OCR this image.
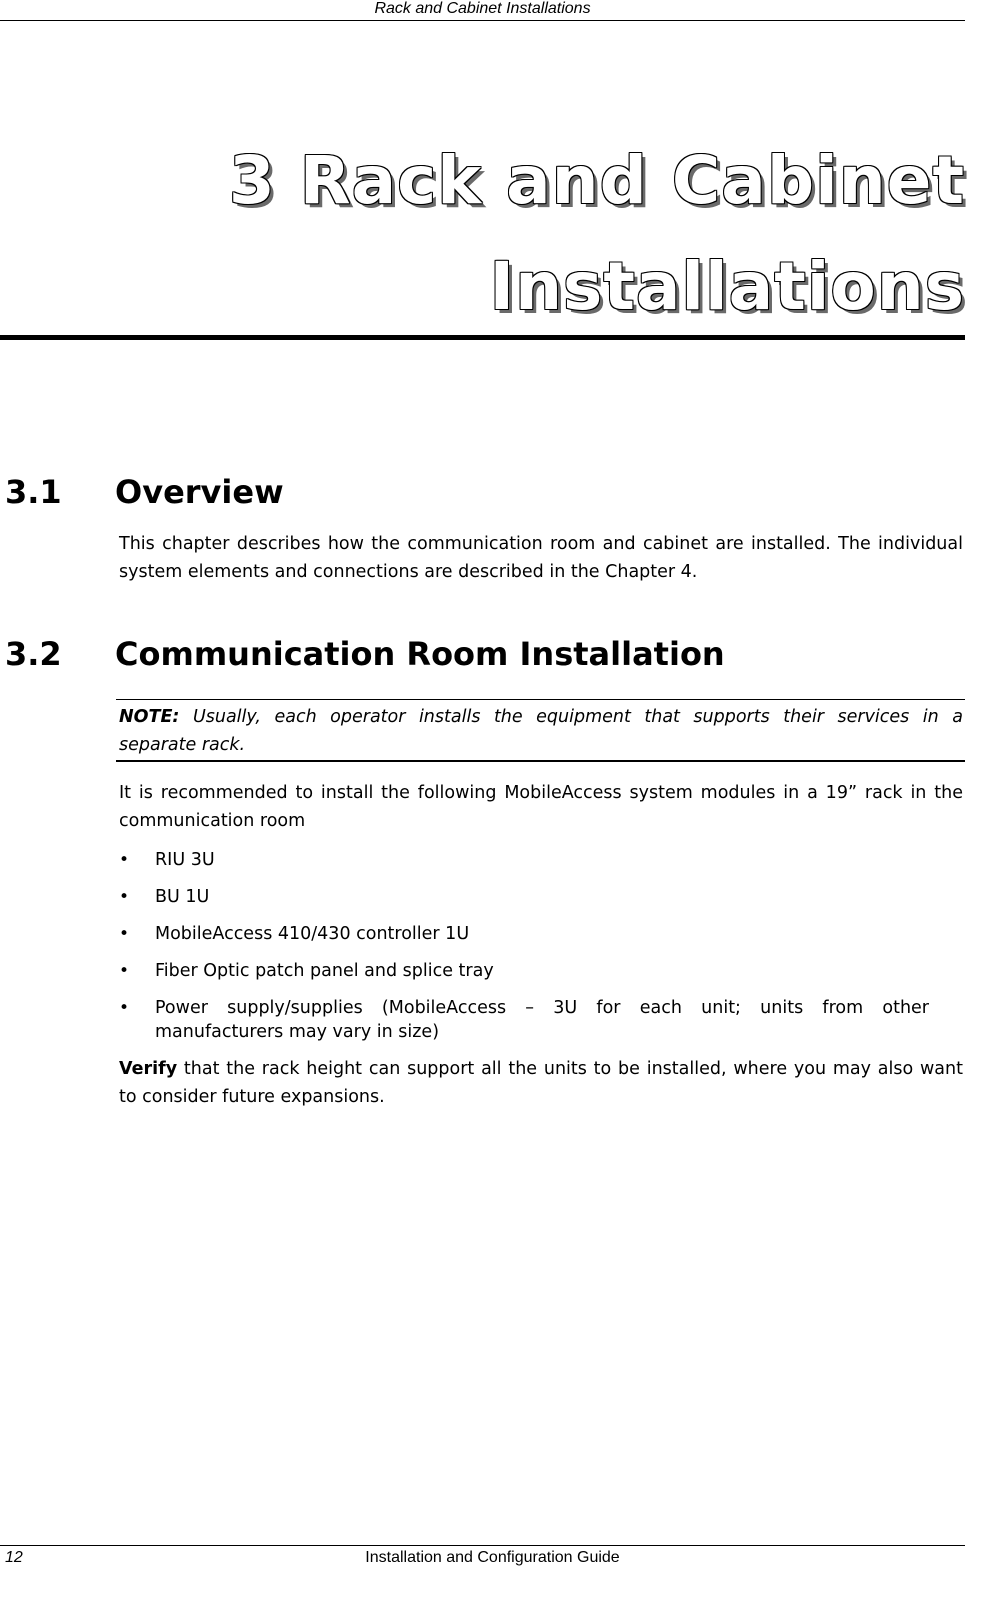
Rack and Cabinet Installations
3 Rack and Cabinet
Installations
3.1 Overview
This chapter describes how the communication room and cabinet are installed. The individual system elements and connections are described in the Chapter 4.
3.2 Communication Room Installation
NOTE: Usually, each operator installs the equipment that supports their services in a
separate rack.
It is recommended to install the following MobileAccess system modules in a 19” rack in the communication room
•	RIU 3U
•	BU 1U
•	MobileAccess 410/430 controller 1U
•	Fiber Optic patch panel and splice tray
•	Power supply/supplies (MobileAccess – 3U for each unit; units from other
manufacturers may vary in size)
Verify that the rack height can support all the units to be installed, where you may also want to consider future expansions.
12	Installation and Configuration Guide
